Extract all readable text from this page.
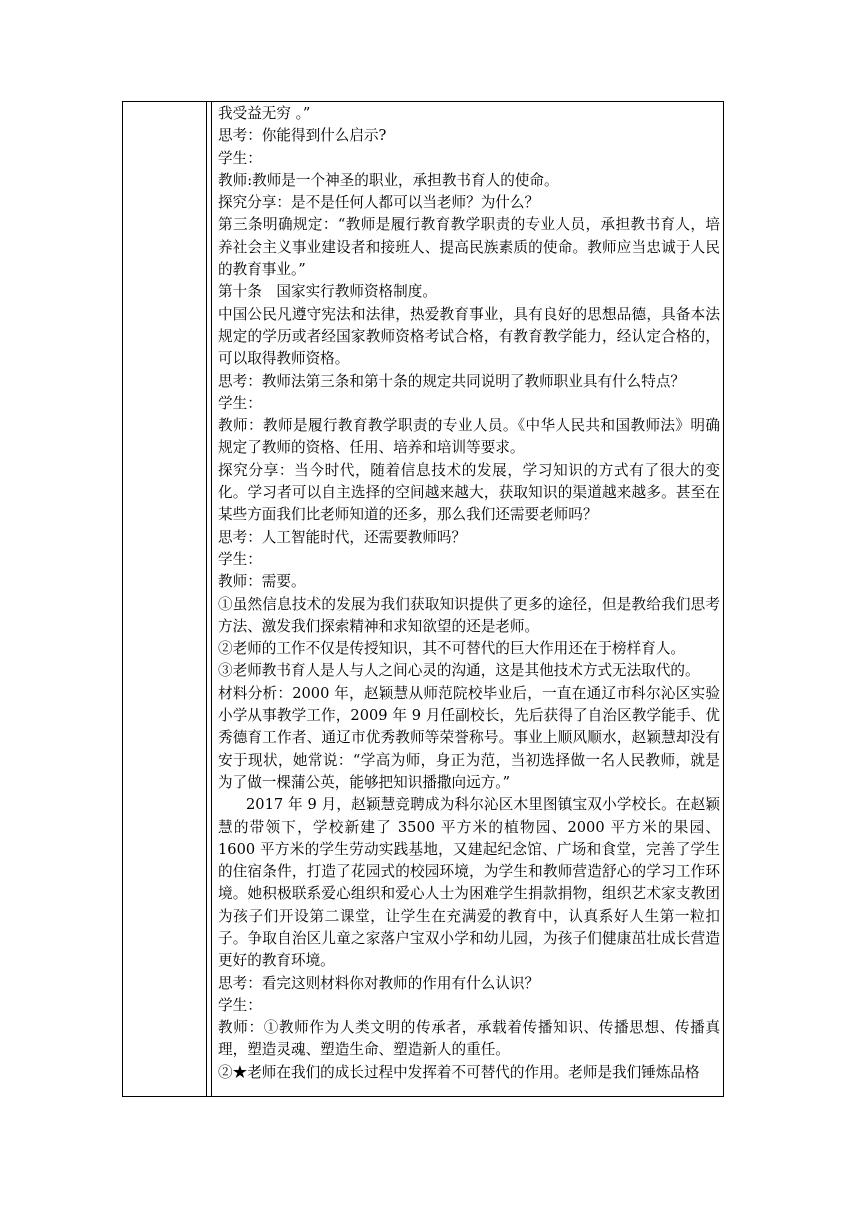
我受益无穷 。”

思考：你能得到什么启示?

学生：

教师:教师是一个神圣的职业，承担教书育人的使命。

探究分享：是不是任何人都可以当老师？为什么？

第三条明确规定：“教师是履行教育教学职责的专业人员，承担教书育人，培养社会主义事业建设者和接班人、提高民族素质的使命。教师应当忠诚于人民的教育事业。”

第十条　国家实行教师资格制度。

中国公民凡遵守宪法和法律，热爱教育事业，具有良好的思想品德，具备本法规定的学历或者经国家教师资格考试合格，有教育教学能力，经认定合格的，可以取得教师资格。

思考：教师法第三条和第十条的规定共同说明了教师职业具有什么特点？

学生：

教师：教师是履行教育教学职责的专业人员。《中华人民共和国教师法》明确规定了教师的资格、任用、培养和培训等要求。

探究分享：当今时代，随着信息技术的发展，学习知识的方式有了很大的变化。学习者可以自主选择的空间越来越大，获取知识的渠道越来越多。甚至在某些方面我们比老师知道的还多，那么我们还需要老师吗？

思考：人工智能时代，还需要教师吗？

学生：

教师：需要。

①虽然信息技术的发展为我们获取知识提供了更多的途径，但是教给我们思考方法、激发我们探索精神和求知欲望的还是老师。

②老师的工作不仅是传授知识，其不可替代的巨大作用还在于榜样育人。

③老师教书育人是人与人之间心灵的沟通，这是其他技术方式无法取代的。

材料分析：2000 年，赵颖慧从师范院校毕业后，一直在通辽市科尔沁区实验小学从事教学工作，2009 年 9 月任副校长，先后获得了自治区教学能手、优秀德育工作者、通辽市优秀教师等荣誉称号。事业上顺风顺水，赵颖慧却没有安于现状，她常说：“学高为师，身正为范，当初选择做一名人民教师，就是为了做一棵蒲公英，能够把知识播撒向远方。”

2017 年 9 月，赵颖慧竞聘成为科尔沁区木里图镇宝双小学校长。在赵颖慧的带领下，学校新建了 3500 平方米的植物园、2000 平方米的果园、1600 平方米的学生劳动实践基地，又建起纪念馆、广场和食堂，完善了学生的住宿条件，打造了花园式的校园环境，为学生和教师营造舒心的学习工作环境。她积极联系爱心组织和爱心人士为困难学生捐款捐物，组织艺术家支教团为孩子们开设第二课堂，让学生在充满爱的教育中，认真系好人生第一粒扣子。争取自治区儿童之家落户宝双小学和幼儿园，为孩子们健康茁壮成长营造更好的教育环境。

思考：看完这则材料你对教师的作用有什么认识？

学生：

教师：①教师作为人类文明的传承者，承载着传播知识、传播思想、传播真理，塑造灵魂、塑造生命、塑造新人的重任。

②★老师在我们的成长过程中发挥着不可替代的作用。老师是我们锤炼品格
